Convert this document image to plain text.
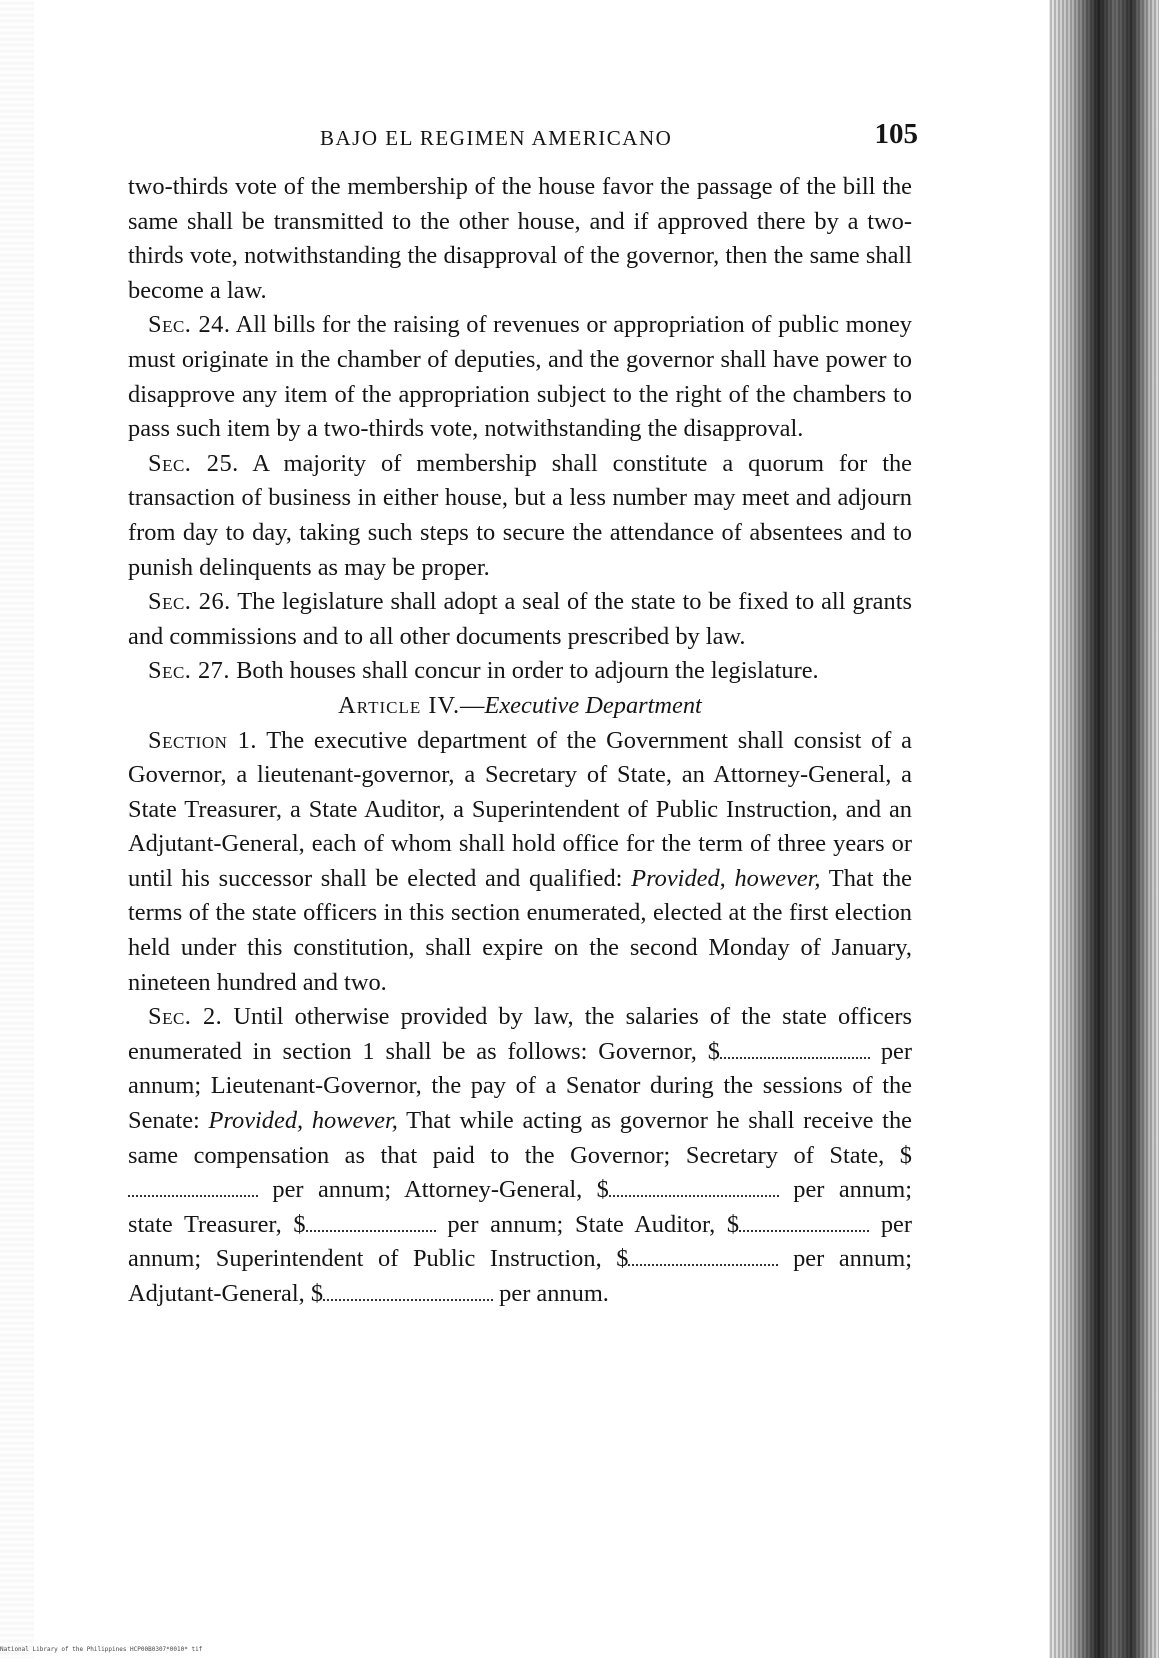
BAJO EL REGIMEN AMERICANO	105

two-thirds vote of the membership of the house favor the passage of the bill the same shall be transmitted to the other house, and if approved there by a two-thirds vote, notwithstanding the disapproval of the governor, then the same shall become a law.

Sec. 24. All bills for the raising of revenues or appropriation of public money must originate in the chamber of deputies, and the governor shall have power to disapprove any item of the appropriation subject to the right of the chambers to pass such item by a two-thirds vote, notwithstanding the disapproval.

Sec. 25. A majority of membership shall constitute a quorum for the transaction of business in either house, but a less number may meet and adjourn from day to day, taking such steps to secure the attendance of absentees and to punish delinquents as may be proper.

Sec. 26. The legislature shall adopt a seal of the state to be fixed to all grants and commissions and to all other documents prescribed by law.

Sec. 27. Both houses shall concur in order to adjourn the legislature.

Article IV.—Executive Department

Section 1. The executive department of the Government shall consist of a Governor, a lieutenant-governor, a Secretary of State, an Attorney-General, a State Treasurer, a State Auditor, a Superintendent of Public Instruction, and an Adjutant-General, each of whom shall hold office for the term of three years or until his successor shall be elected and qualified: Provided, however, That the terms of the state officers in this section enumerated, elected at the first election held under this constitution, shall expire on the second Monday of January, nineteen hundred and two.

Sec. 2. Until otherwise provided by law, the salaries of the state officers enumerated in section 1 shall be as follows: Governor, $	per annum; Lieutenant-Governor, the pay of a Senator during the sessions of the Senate: Provided, however, That while acting as governor he shall receive the same compensation as that paid to the Governor; Secretary of State, $ per annum; Attorney-General, $	per annum; state Treasurer, $	per annum; State Auditor, $	per annum; Superintendent of Public Instruction, $	per annum; Adjutant-General, $	per annum.

National Library of the Philippines HCP00B0307*0010* tif
